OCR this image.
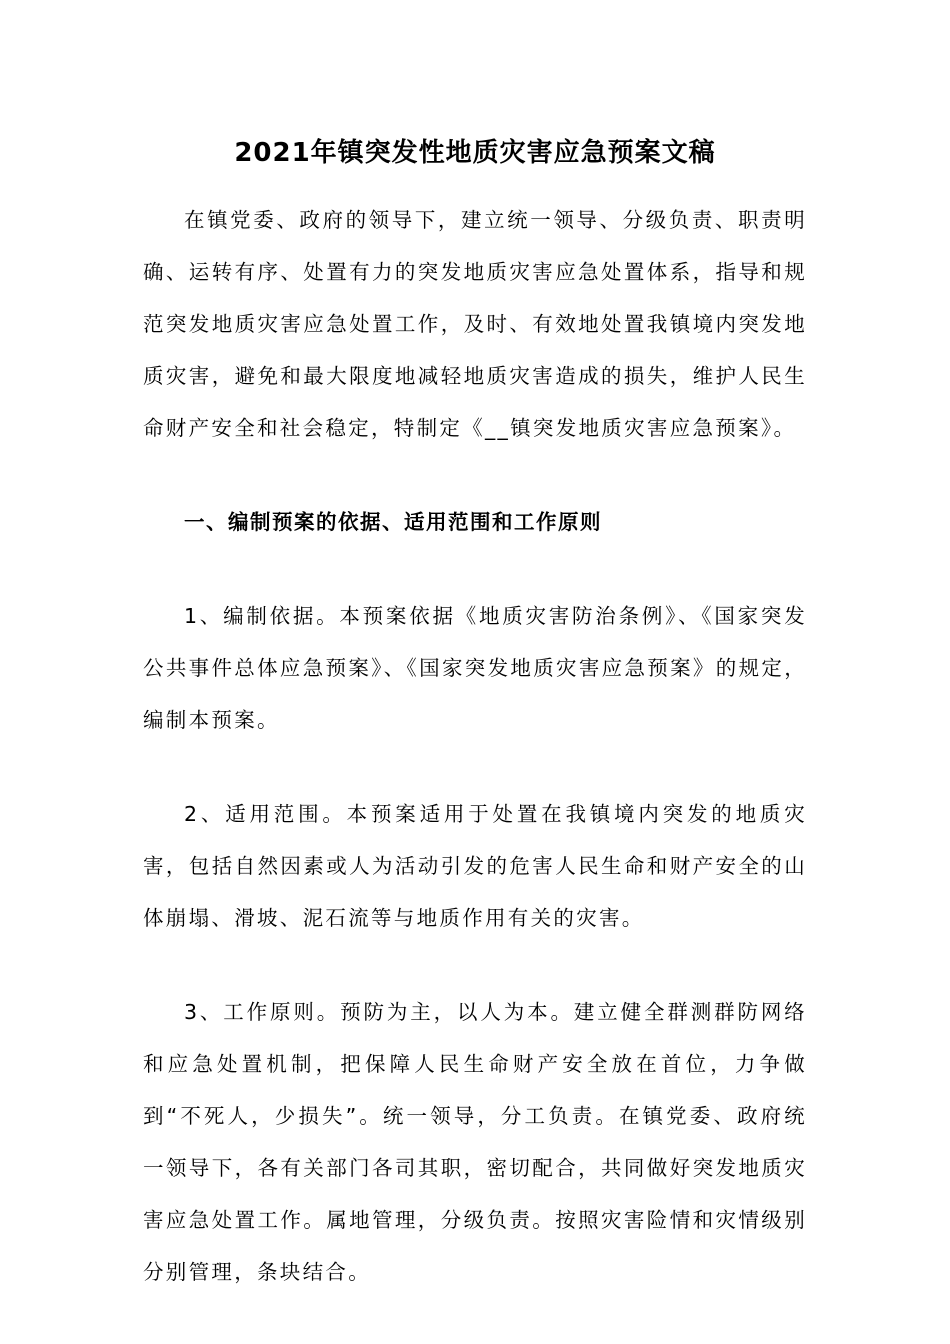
2021年镇突发性地质灾害应急预案文稿

在镇党委、政府的领导下，建立统一领导、分级负责、职责明确、运转有序、处置有力的突发地质灾害应急处置体系，指导和规范突发地质灾害应急处置工作，及时、有效地处置我镇境内突发地质灾害，避免和最大限度地减轻地质灾害造成的损失，维护人民生命财产安全和社会稳定，特制定《__镇突发地质灾害应急预案》。

一、编制预案的依据、适用范围和工作原则

1、编制依据。本预案依据《地质灾害防治条例》、《国家突发公共事件总体应急预案》、《国家突发地质灾害应急预案》的规定，编制本预案。

2、适用范围。本预案适用于处置在我镇境内突发的地质灾害，包括自然因素或人为活动引发的危害人民生命和财产安全的山体崩塌、滑坡、泥石流等与地质作用有关的灾害。

3、工作原则。预防为主，以人为本。建立健全群测群防网络和应急处置机制，把保障人民生命财产安全放在首位，力争做到“不死人，少损失”。统一领导，分工负责。在镇党委、政府统一领导下，各有关部门各司其职，密切配合，共同做好突发地质灾害应急处置工作。属地管理，分级负责。按照灾害险情和灾情级别分别管理，条块结合。
